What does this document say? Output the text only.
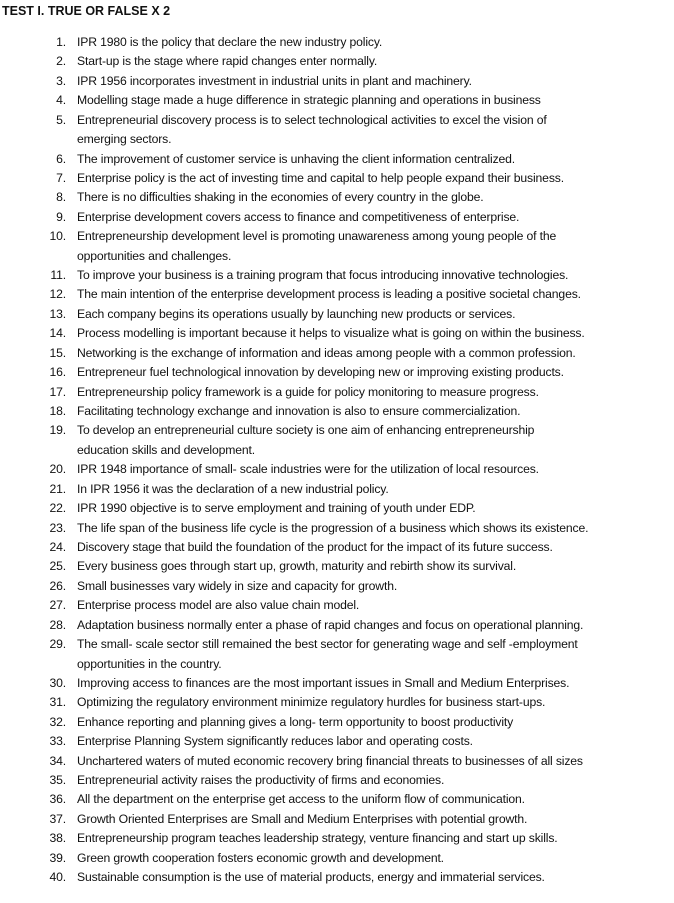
TEST I. TRUE OR FALSE X 2
1. IPR 1980 is the policy that declare the new industry policy.
2. Start-up is the stage where rapid changes enter normally.
3. IPR 1956 incorporates investment in industrial units in plant and machinery.
4. Modelling stage made a huge difference in strategic planning and operations in business
5. Entrepreneurial discovery process is to select technological activities to excel the vision of
emerging sectors.
6. The improvement of customer service is unhaving the client information centralized.
7. Enterprise policy is the act of investing time and capital to help people expand their business.
8. There is no difficulties shaking in the economies of every country in the globe.
9. Enterprise development covers access to finance and competitiveness of enterprise.
10. Entrepreneurship development level is promoting unawareness among young people of the
opportunities and challenges.
11. To improve your business is a training program that focus introducing innovative technologies.
12. The main intention of the enterprise development process is leading a positive societal changes.
13. Each company begins its operations usually by launching new products or services.
14. Process modelling is important because it helps to visualize what is going on within the business.
15. Networking is the exchange of information and ideas among people with a common profession.
16. Entrepreneur fuel technological innovation by developing new or improving existing products.
17. Entrepreneurship policy framework is a guide for policy monitoring to measure progress.
18. Facilitating technology exchange and innovation is also to ensure commercialization.
19. To develop an entrepreneurial culture society is one aim of enhancing entrepreneurship
education skills and development.
20. IPR 1948 importance of small- scale industries were for the utilization of local resources.
21. In IPR 1956 it was the declaration of a new industrial policy.
22. IPR 1990 objective is to serve employment and training of youth under EDP.
23. The life span of the business life cycle is the progression of a business which shows its existence.
24. Discovery stage that build the foundation of the product for the impact of its future success.
25. Every business goes through start up, growth, maturity and rebirth show its survival.
26. Small businesses vary widely in size and capacity for growth.
27. Enterprise process model are also value chain model.
28. Adaptation business normally enter a phase of rapid changes and focus on operational planning.
29. The small- scale sector still remained the best sector for generating wage and self -employment
opportunities in the country.
30. Improving access to finances are the most important issues in Small and Medium Enterprises.
31. Optimizing the regulatory environment minimize regulatory hurdles for business start-ups.
32. Enhance reporting and planning gives a long- term opportunity to boost productivity
33. Enterprise Planning System significantly reduces labor and operating costs.
34. Unchartered waters of muted economic recovery bring financial threats to businesses of all sizes
35. Entrepreneurial activity raises the productivity of firms and economies.
36. All the department on the enterprise get access to the uniform flow of communication.
37. Growth Oriented Enterprises are Small and Medium Enterprises with potential growth.
38. Entrepreneurship program teaches leadership strategy, venture financing and start up skills.
39. Green growth cooperation fosters economic growth and development.
40. Sustainable consumption is the use of material products, energy and immaterial services.
